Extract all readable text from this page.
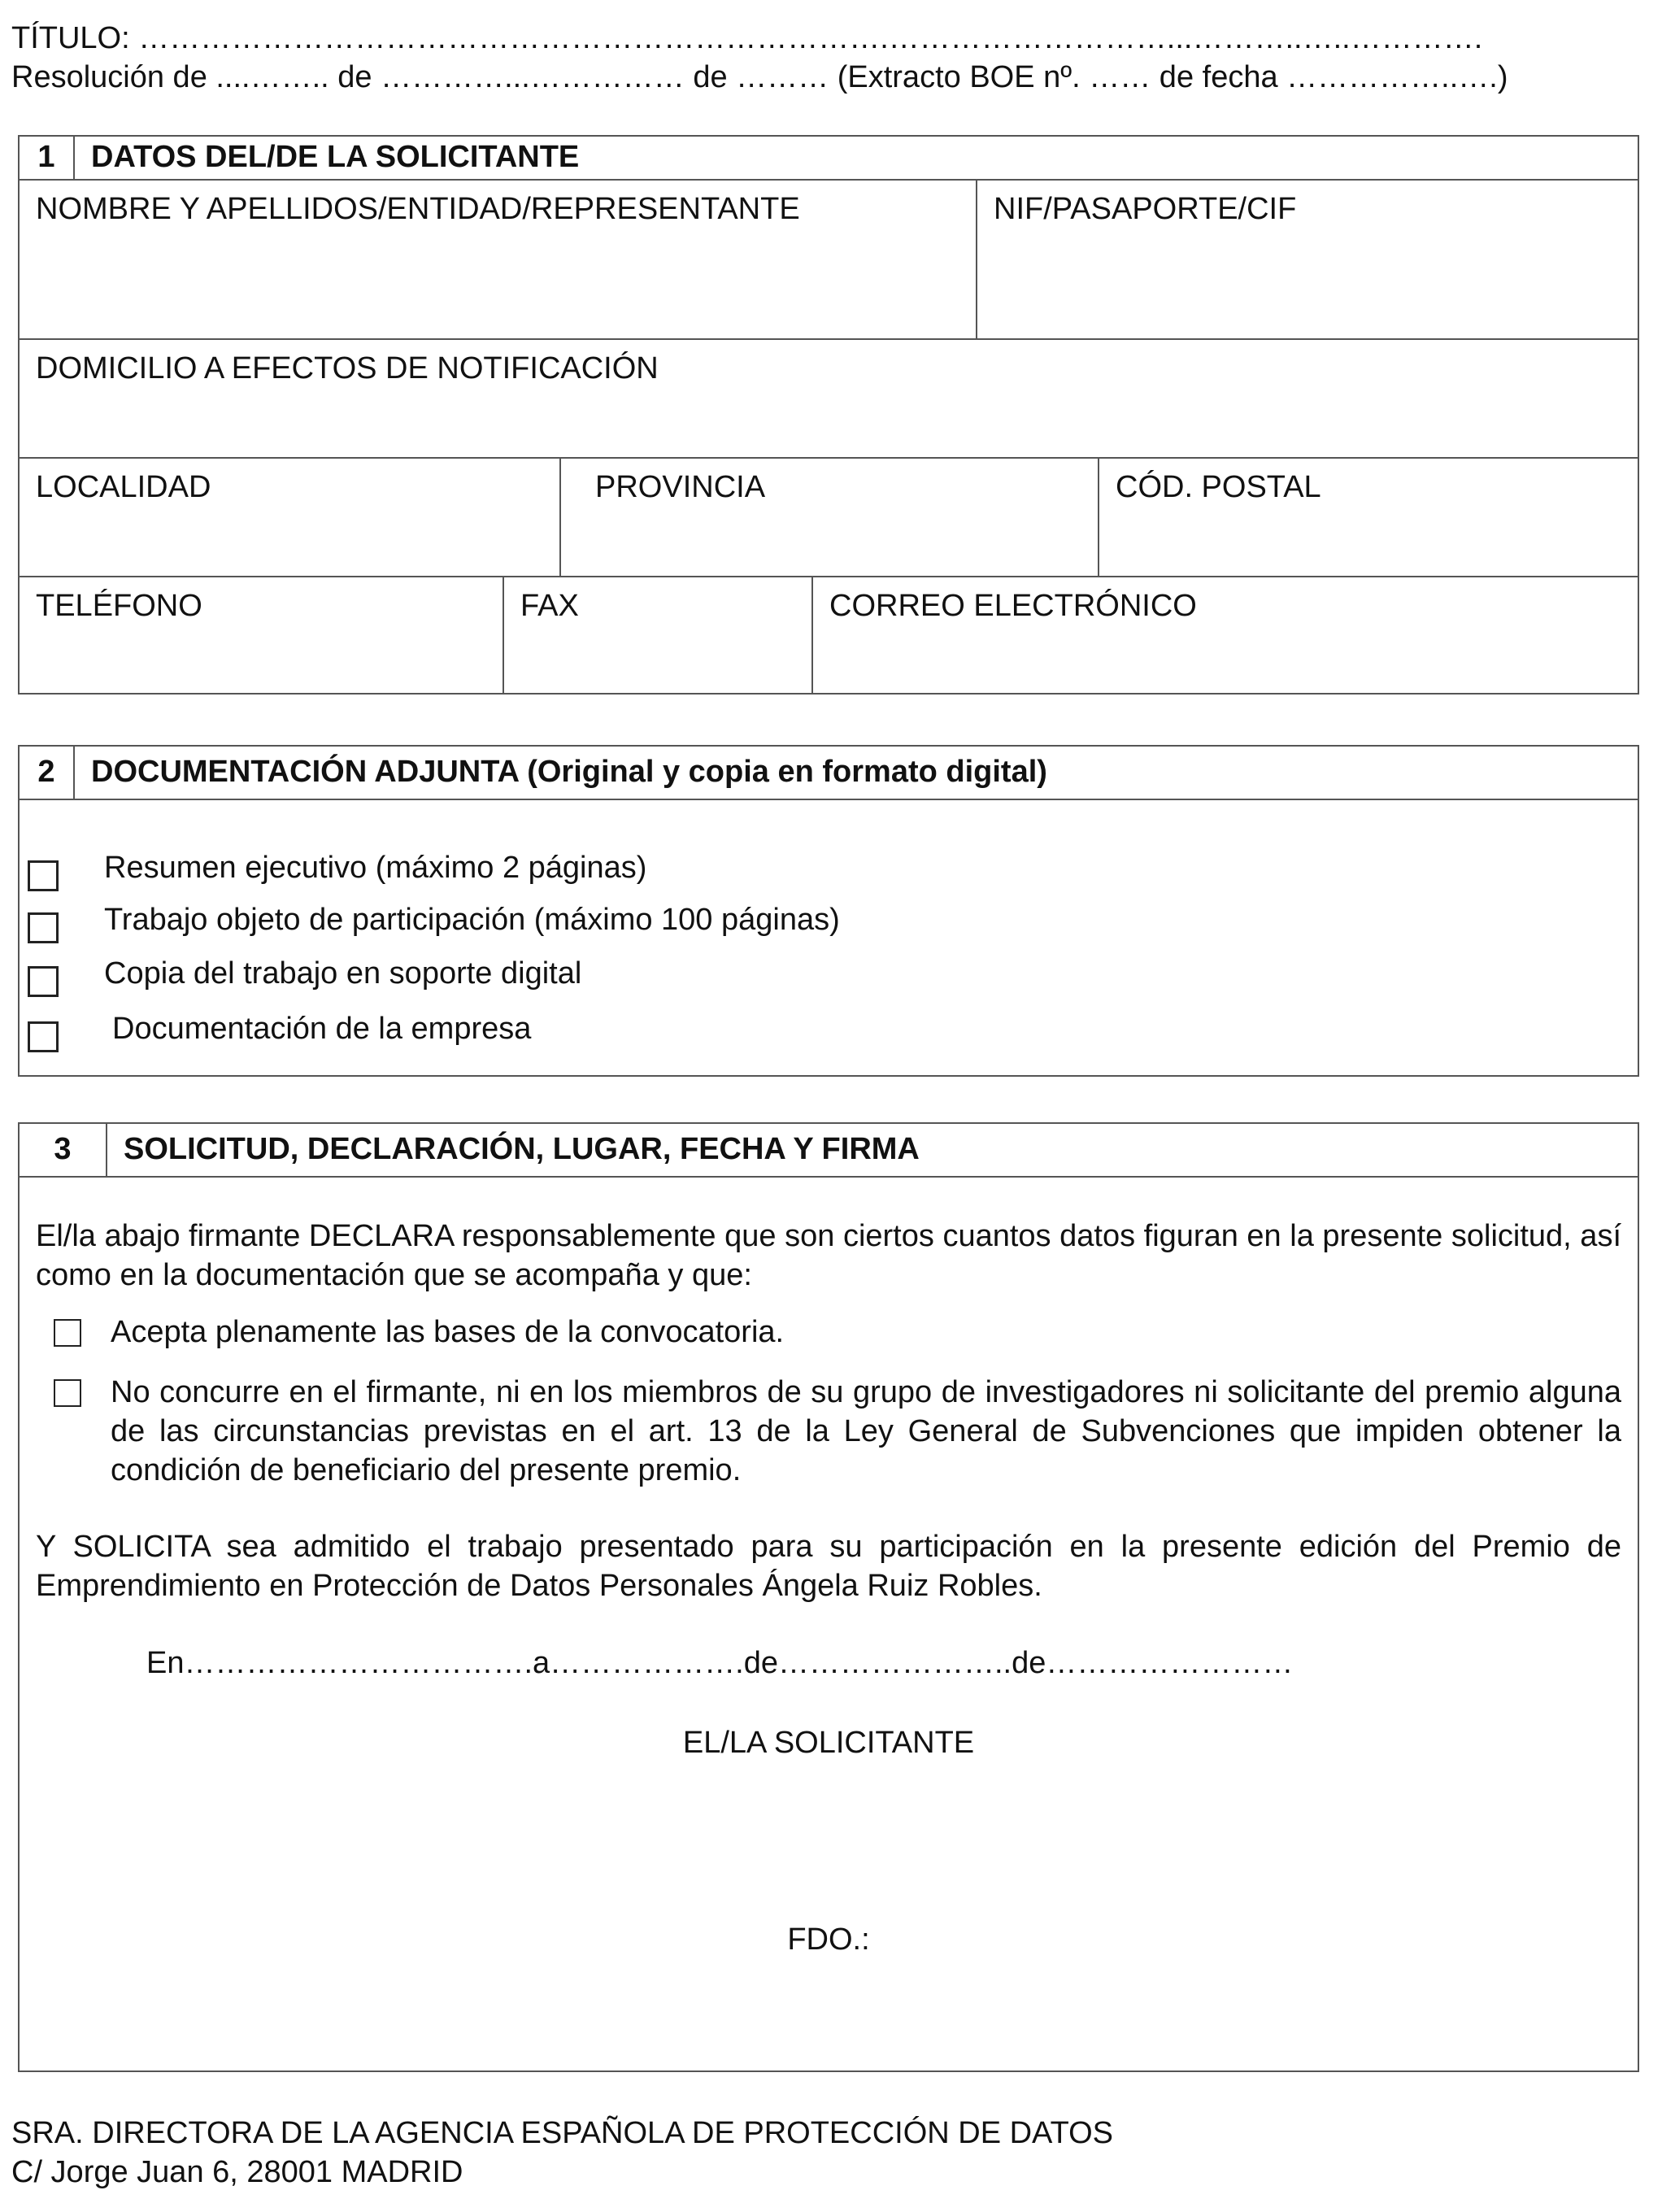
TÍTULO: ……………………………………………………………….………………………...………..…..………….
Resolución de ....…….. de …………...…………… de ……… (Extracto BOE nº. …… de fecha ……………..….)
1	DATOS DEL/DE LA SOLICITANTE
NOMBRE Y APELLIDOS/ENTIDAD/REPRESENTANTE	NIF/PASAPORTE/CIF
DOMICILIO A EFECTOS DE NOTIFICACIÓN
LOCALIDAD	PROVINCIA	CÓD. POSTAL
TELÉFONO	FAX	CORREO ELECTRÓNICO
2	DOCUMENTACIÓN ADJUNTA (Original y copia en formato digital)
Resumen ejecutivo (máximo 2 páginas)
Trabajo objeto de participación (máximo 100 páginas)
Copia del trabajo en soporte digital
Documentación de la empresa
3	SOLICITUD, DECLARACIÓN, LUGAR, FECHA Y FIRMA
El/la abajo firmante DECLARA responsablemente que son ciertos cuantos datos figuran en la presente solicitud, así como en la documentación que se acompaña y que:
Acepta plenamente las bases de la convocatoria.
No concurre en el firmante, ni en los miembros de su grupo de investigadores ni solicitante del premio alguna de las circunstancias previstas en el art. 13 de la Ley General de Subvenciones que impiden obtener la condición de beneficiario del presente premio.
Y SOLICITA sea admitido el trabajo presentado para su participación en la presente edición del Premio de Emprendimiento en Protección de Datos Personales Ángela Ruiz Robles.
En…………………………….a……………….de…………………..de……………………
EL/LA SOLICITANTE
FDO.:
SRA. DIRECTORA DE LA AGENCIA ESPAÑOLA DE PROTECCIÓN DE DATOS
C/ Jorge Juan 6, 28001 MADRID
